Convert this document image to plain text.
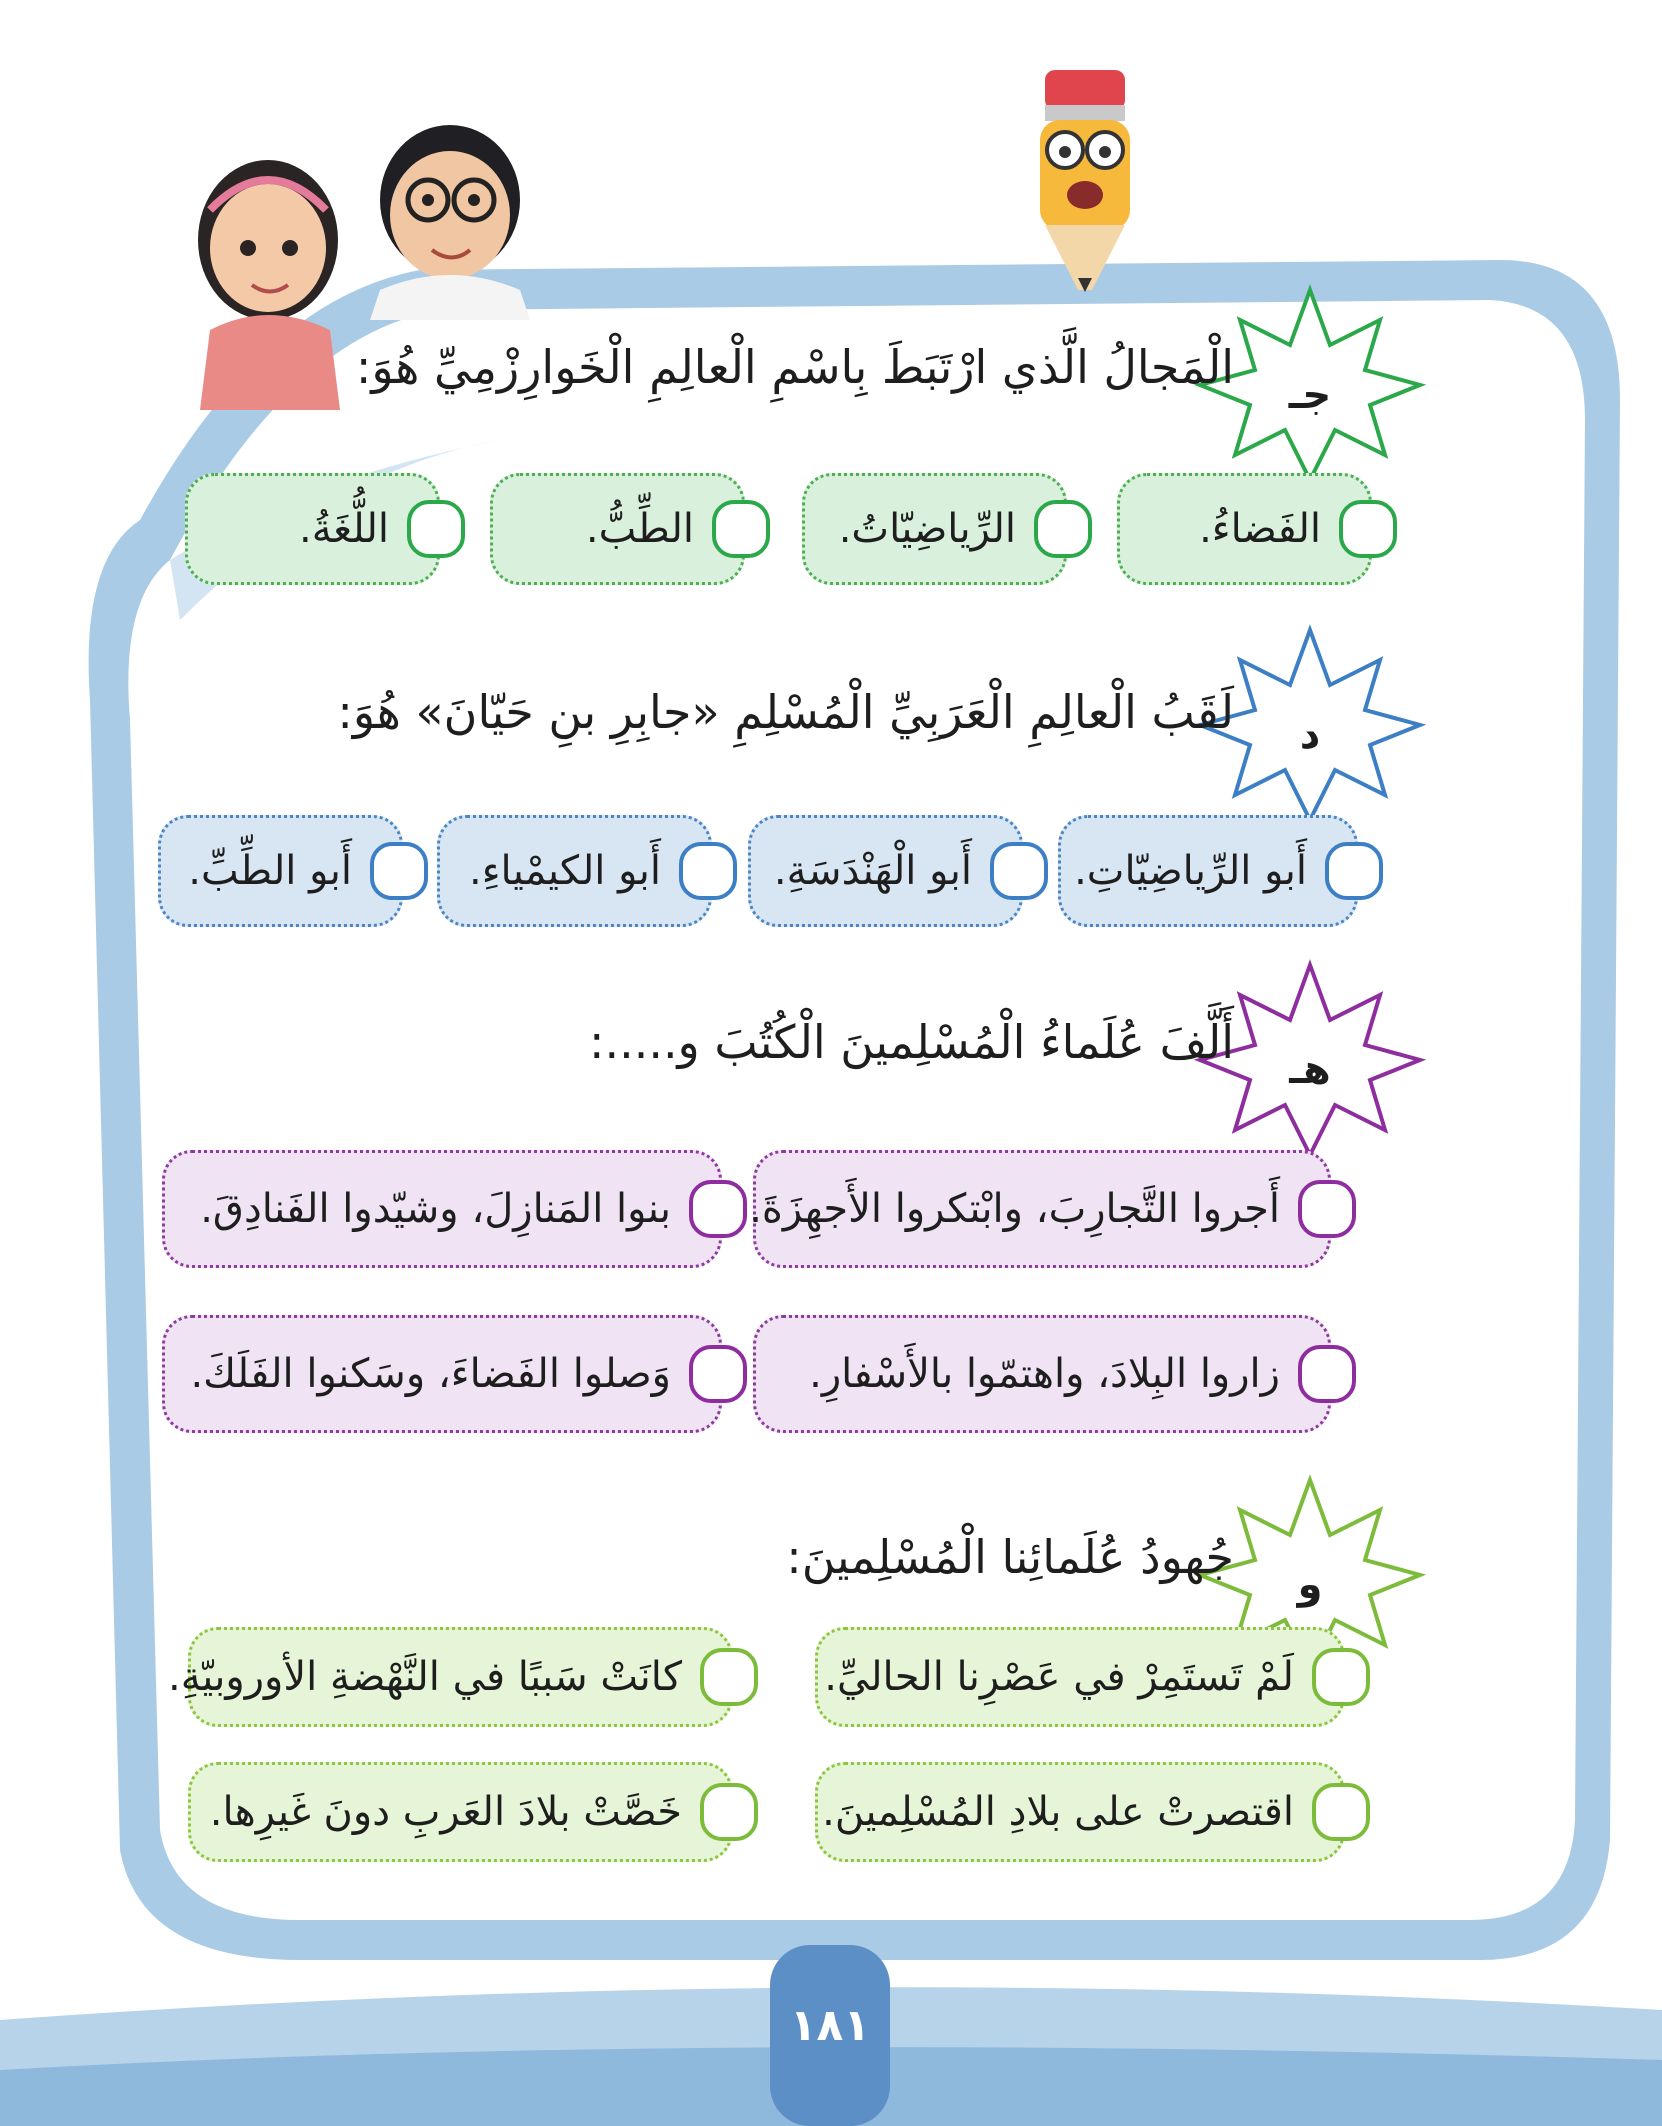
جـ
د
هـ
و
الْمَجالُ الَّذي ارْتَبَطَ بِاسْمِ الْعالِمِ الْخَوارِزْمِيِّ هُوَ:
لَقَبُ الْعالِمِ الْعَرَبِيِّ الْمُسْلِمِ «جابِرِ بنِ حَيّانَ» هُوَ:
أَلَّفَ عُلَماءُ الْمُسْلِمينَ الْكُتُبَ و.....:
جُهودُ عُلَمائِنا الْمُسْلِمينَ:
الفَضاءُ.
الرِّياضِيّاتُ.
الطِّبُّ.
اللُّغَةُ.
أَبو الرِّياضِيّاتِ.
أَبو الْهَنْدَسَةِ.
أَبو الكيمْياءِ.
أَبو الطِّبِّ.
أَجروا التَّجارِبَ، وابْتكروا الأَجهِزَةَ.
بنوا المَنازِلَ، وشيّدوا الفَنادِقَ.
زاروا البِلادَ، واهتمّوا بالأَسْفارِ.
وَصلوا الفَضاءَ، وسَكنوا الفَلَكَ.
لَمْ تَستَمِرْ في عَصْرِنا الحاليِّ.
كانَتْ سَببًا في النَّهْضةِ الأوروبيّةِ.
اقتصرتْ على بلادِ المُسْلِمينَ.
خَصَّتْ بلادَ العَربِ دونَ غَيرِها.
١٨١
